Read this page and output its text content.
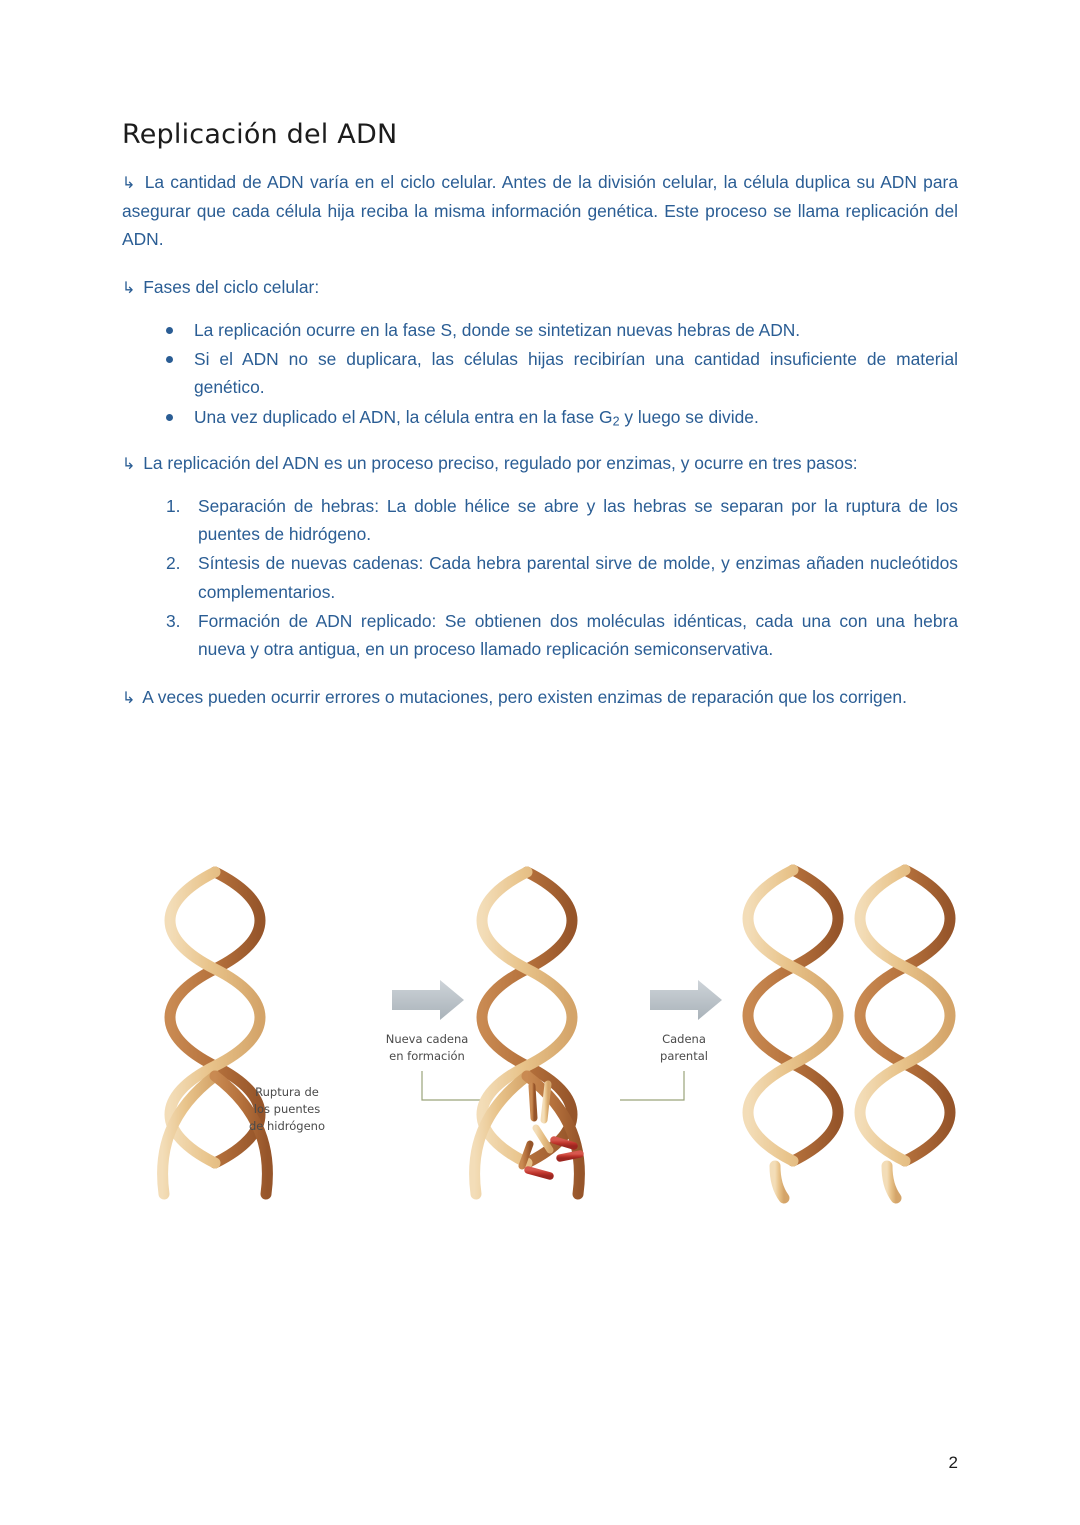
Replicación del ADN

↳ La cantidad de ADN varía en el ciclo celular. Antes de la división celular, la célula duplica su ADN para asegurar que cada célula hija reciba la misma información genética. Este proceso se llama replicación del ADN.

↳ Fases del ciclo celular:

La replicación ocurre en la fase S, donde se sintetizan nuevas hebras de ADN.
Si el ADN no se duplicara, las células hijas recibirían una cantidad insuficiente de material genético.
Una vez duplicado el ADN, la célula entra en la fase $G_2$ y luego se divide.

↳ La replicación del ADN es un proceso preciso, regulado por enzimas, y ocurre en tres pasos:

Separación de hebras: La doble hélice se abre y las hebras se separan por la ruptura de los puentes de hidrógeno.
Síntesis de nuevas cadenas: Cada hebra parental sirve de molde, y enzimas añaden nucleótidos complementarios.
Formación de ADN replicado: Se obtienen dos moléculas idénticas, cada una con una hebra nueva y otra antigua, en un proceso llamado replicación semiconservativa.

↳ A veces pueden ocurrir errores o mutaciones, pero existen enzimas de reparación que los corrigen.

Ruptura de
los puentes
de hidrógeno
Nueva cadena
en formación
Cadena
parental
2
